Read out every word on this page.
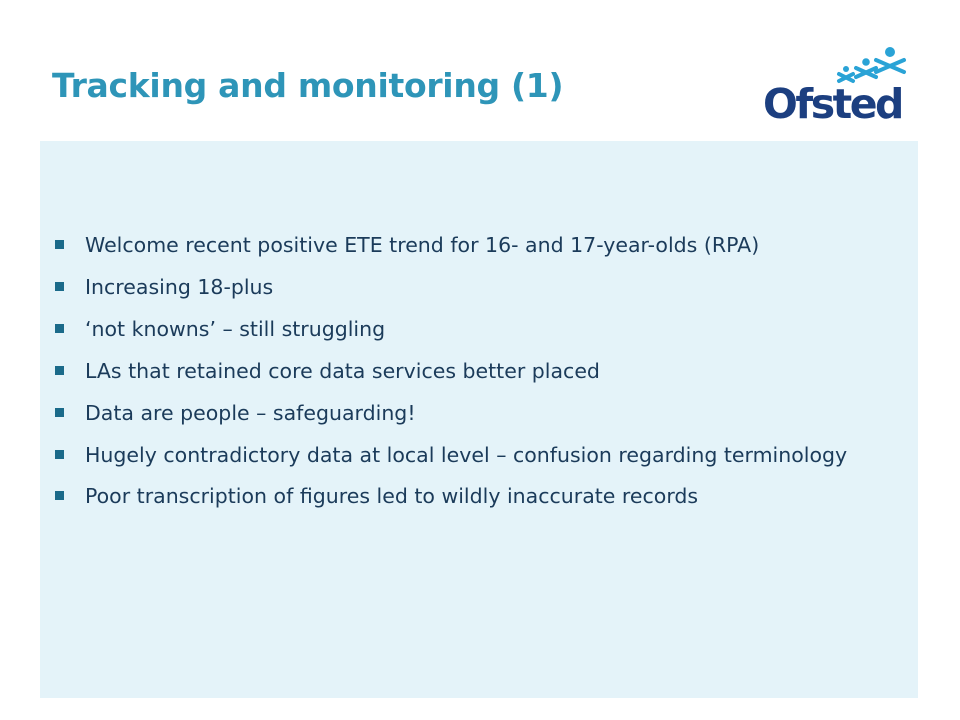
Tracking and monitoring (1)	Ofsted
Welcome recent positive ETE trend for 16- and 17-year-olds (RPA)
Increasing 18-plus
‘not knowns’ – still struggling
LAs that retained core data services better placed
Data are people – safeguarding!
Hugely contradictory data at local level – confusion regarding terminology
Poor transcription of figures led to wildly inaccurate records
